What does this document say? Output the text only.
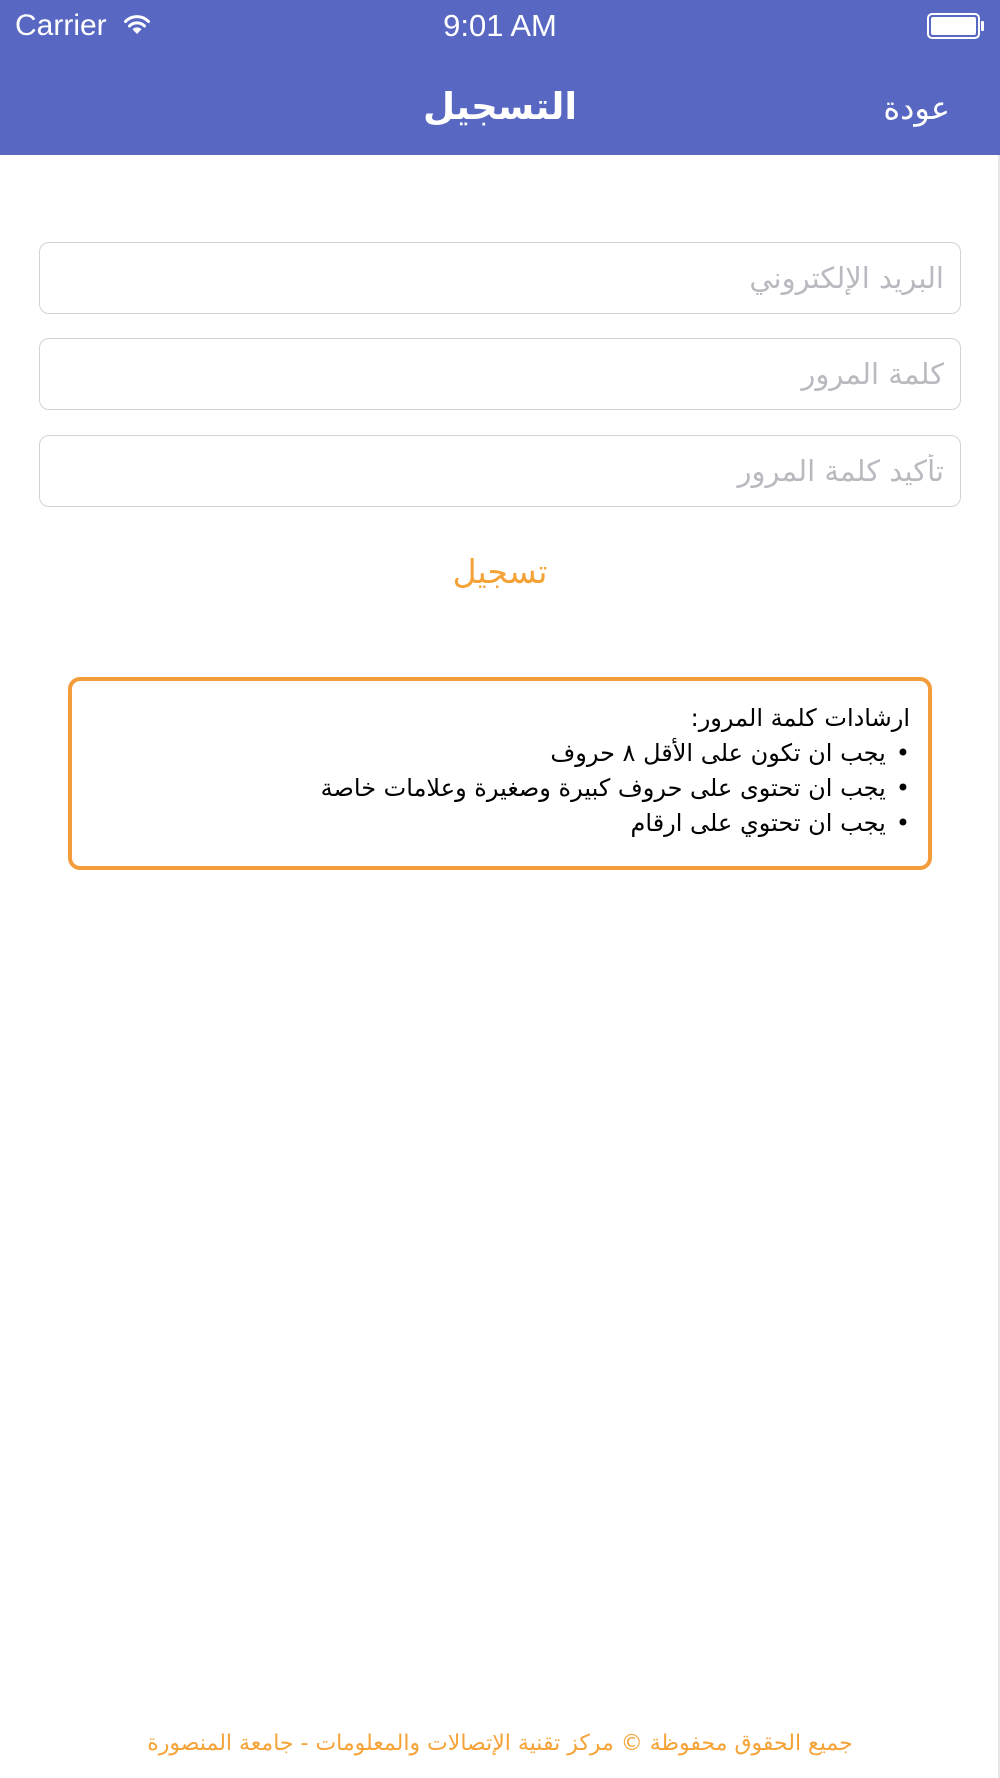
Carrier	9:01 AM
التسجيل	عودة
البريد الإلكتروني
تسجيل
ارشادات كلمة المرور:
•يجب ان تكون على الأقل ٨ حروف
•يجب ان تحتوى على حروف كبيرة وصغيرة وعلامات خاصة
•يجب ان تحتوي على ارقام
جميع الحقوق محفوظة © مركز تقنية الإتصالات والمعلومات - جامعة المنصورة
